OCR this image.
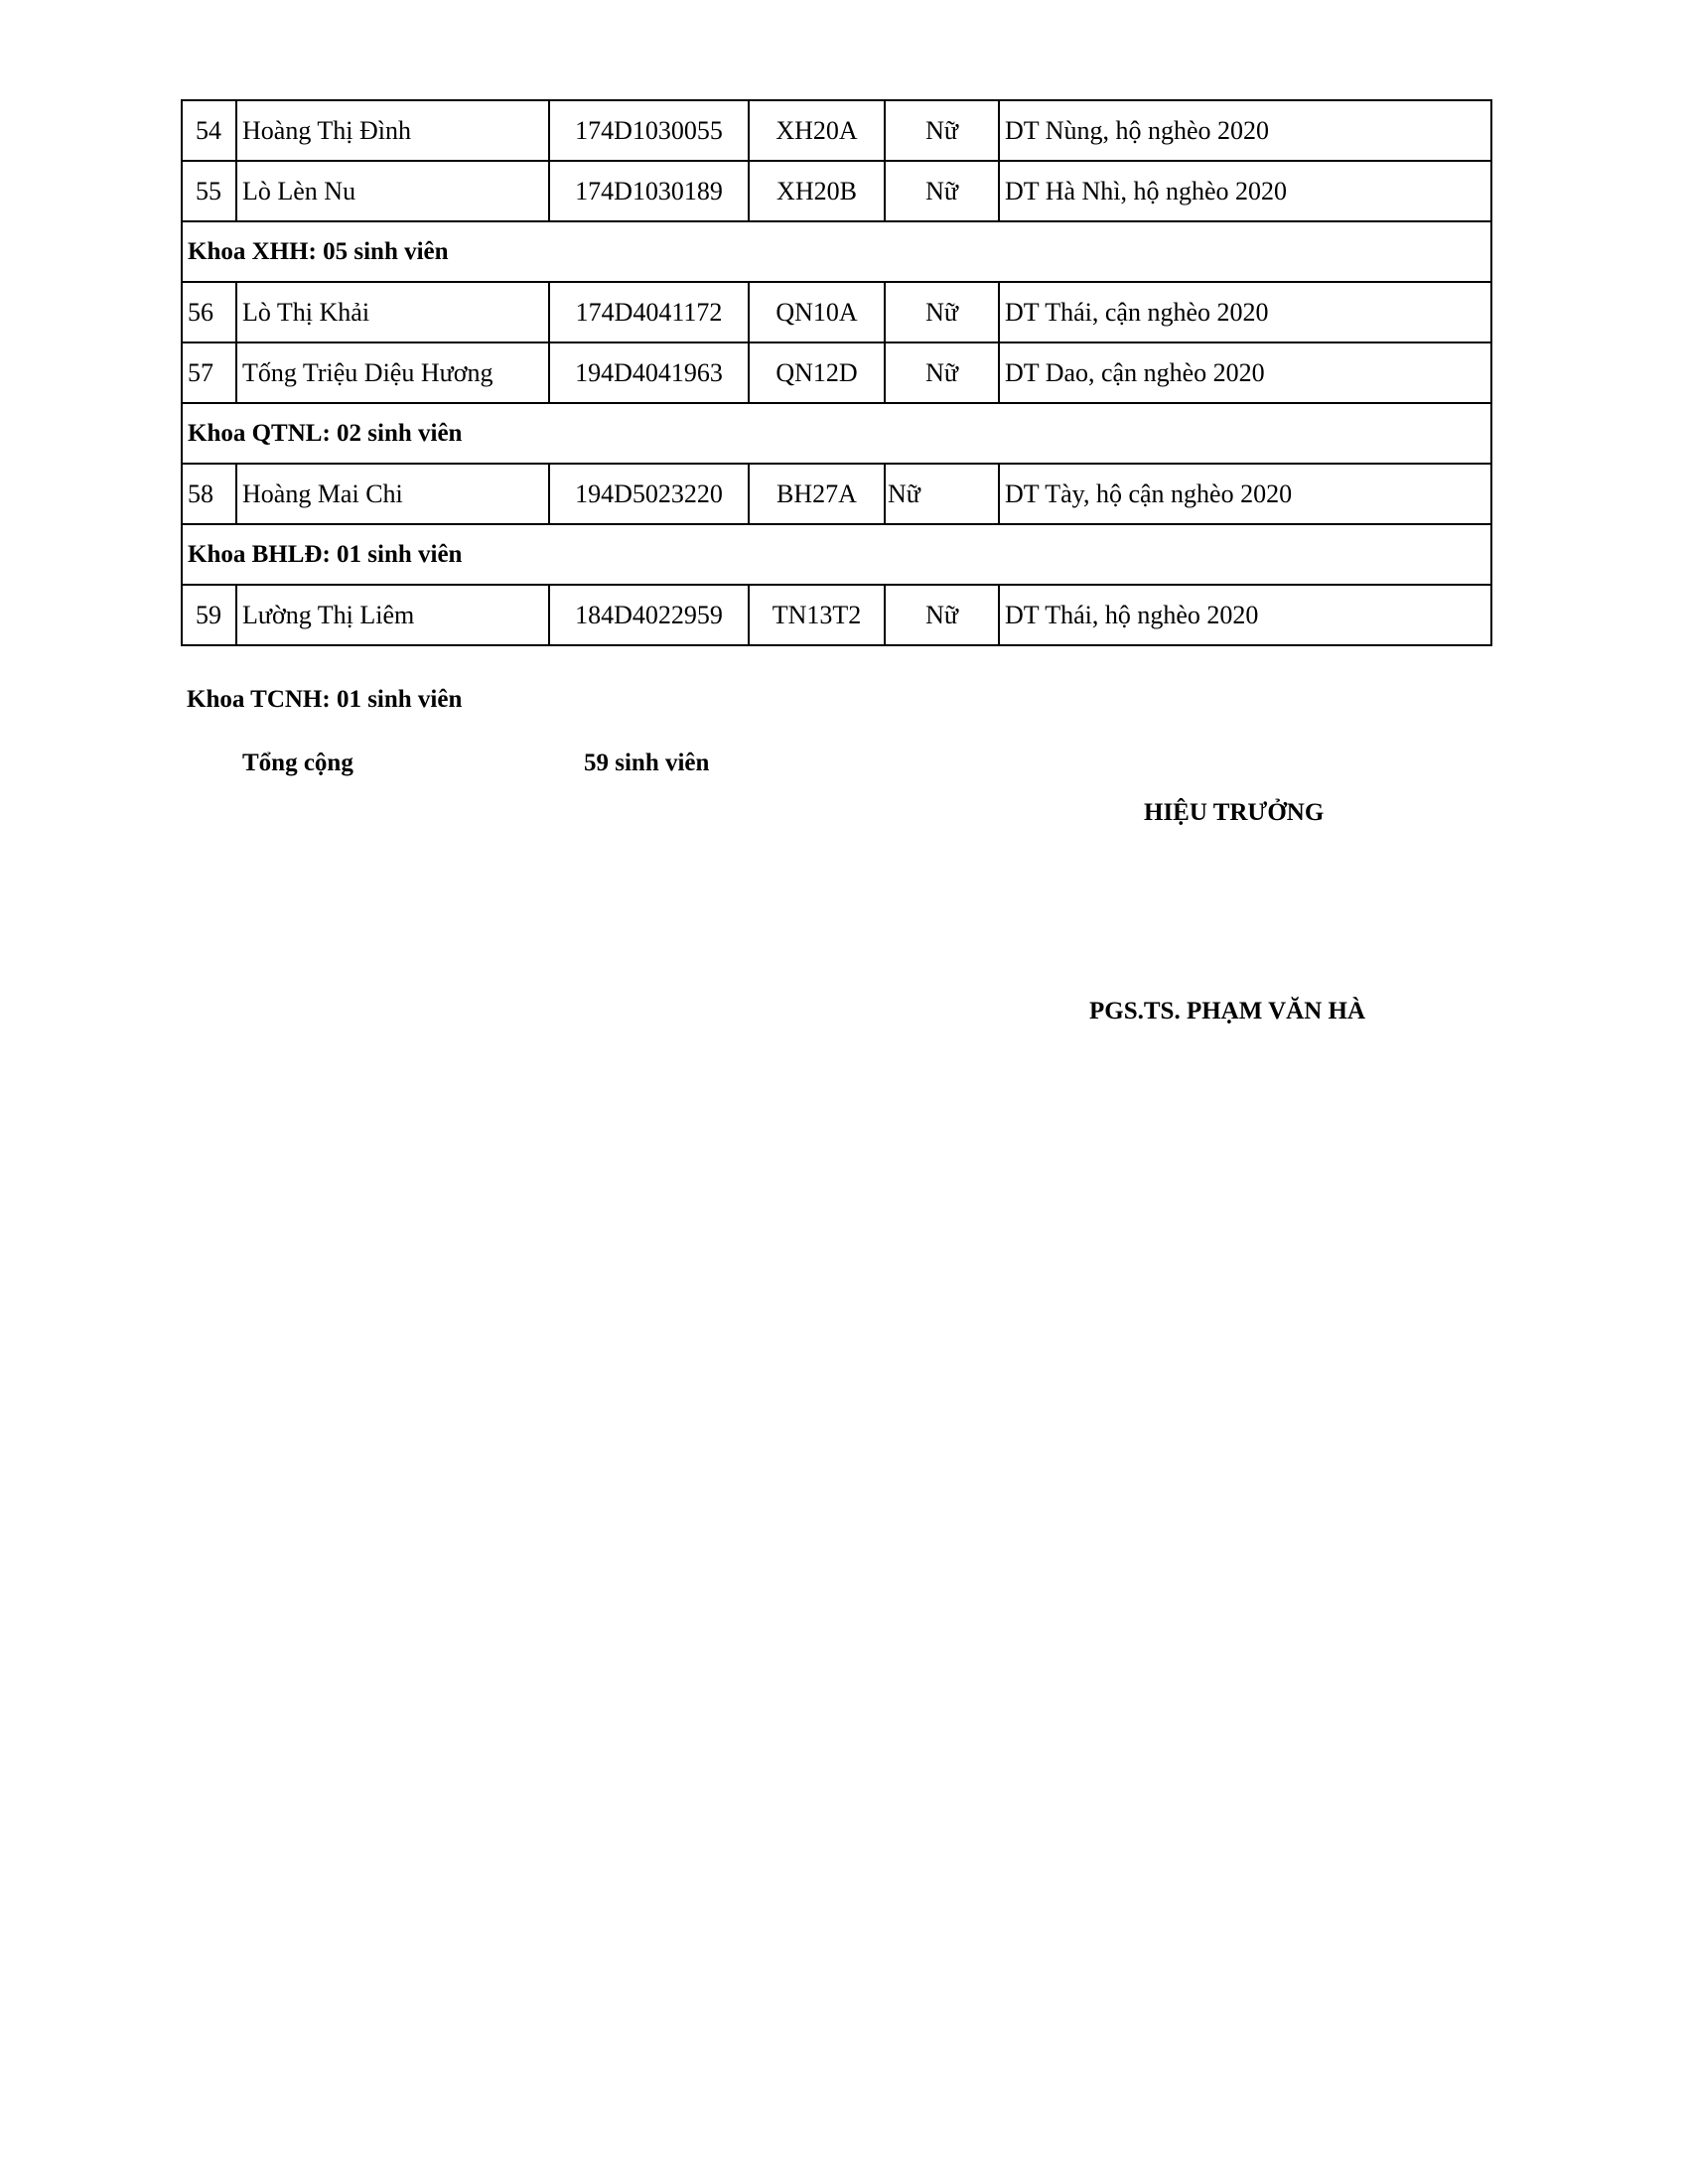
54	Hoàng Thị Đình	174D1030055	XH20A	Nữ	DT Nùng, hộ nghèo 2020
55	Lò Lèn Nu	174D1030189	XH20B	Nữ	DT Hà Nhì, hộ nghèo 2020
Khoa XHH: 05 sinh viên					
56	Lò Thị Khải	174D4041172	QN10A	Nữ	DT Thái, cận nghèo 2020
57	Tống Triệu Diệu Hương	194D4041963	QN12D	Nữ	DT Dao, cận nghèo 2020
Khoa QTNL: 02 sinh viên					
58	Hoàng Mai Chi	194D5023220	BH27A	Nữ	DT Tày, hộ cận nghèo 2020
Khoa BHLĐ: 01 sinh viên					
59	Lường Thị Liêm	184D4022959	TN13T2	Nữ	DT Thái, hộ nghèo 2020
Khoa TCNH: 01 sinh viên
Tổng cộng	59 sinh viên
HIỆU TRƯỞNG
PGS.TS. PHẠM VĂN HÀ
